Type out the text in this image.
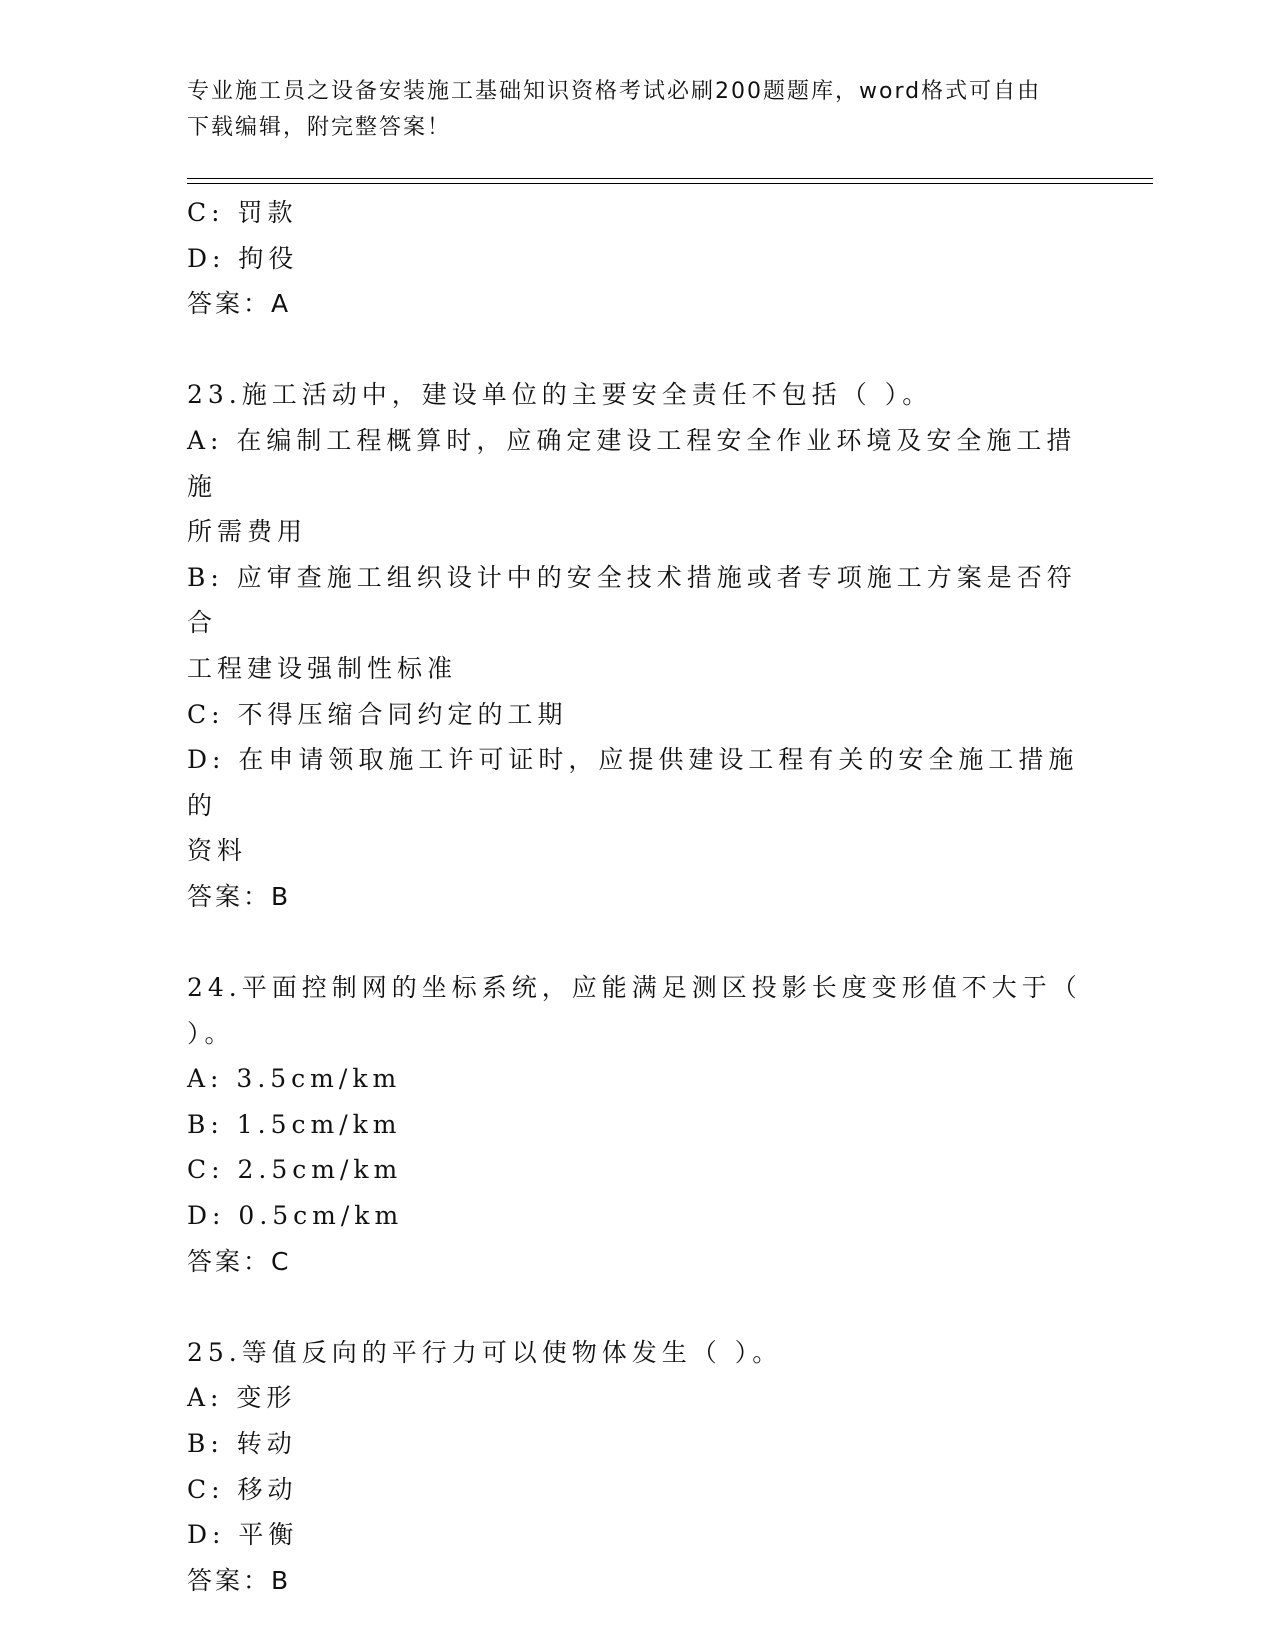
专业施工员之设备安装施工基础知识资格考试必刷200题题库，word格式可自由
下载编辑，附完整答案！
C: 罚款
D: 拘役
答案：A
23.施工活动中，建设单位的主要安全责任不包括（ ）。
A: 在编制工程概算时，应确定建设工程安全作业环境及安全施工措施
所需费用
B: 应审查施工组织设计中的安全技术措施或者专项施工方案是否符合
工程建设强制性标准
C: 不得压缩合同约定的工期
D: 在申请领取施工许可证时，应提供建设工程有关的安全施工措施的
资料
答案：B
24.平面控制网的坐标系统，应能满足测区投影长度变形值不大于（
）。
A: 3.5cm/km
B: 1.5cm/km
C: 2.5cm/km
D: 0.5cm/km
答案：C
25.等值反向的平行力可以使物体发生（ ）。
A: 变形
B: 转动
C: 移动
D: 平衡
答案：B
